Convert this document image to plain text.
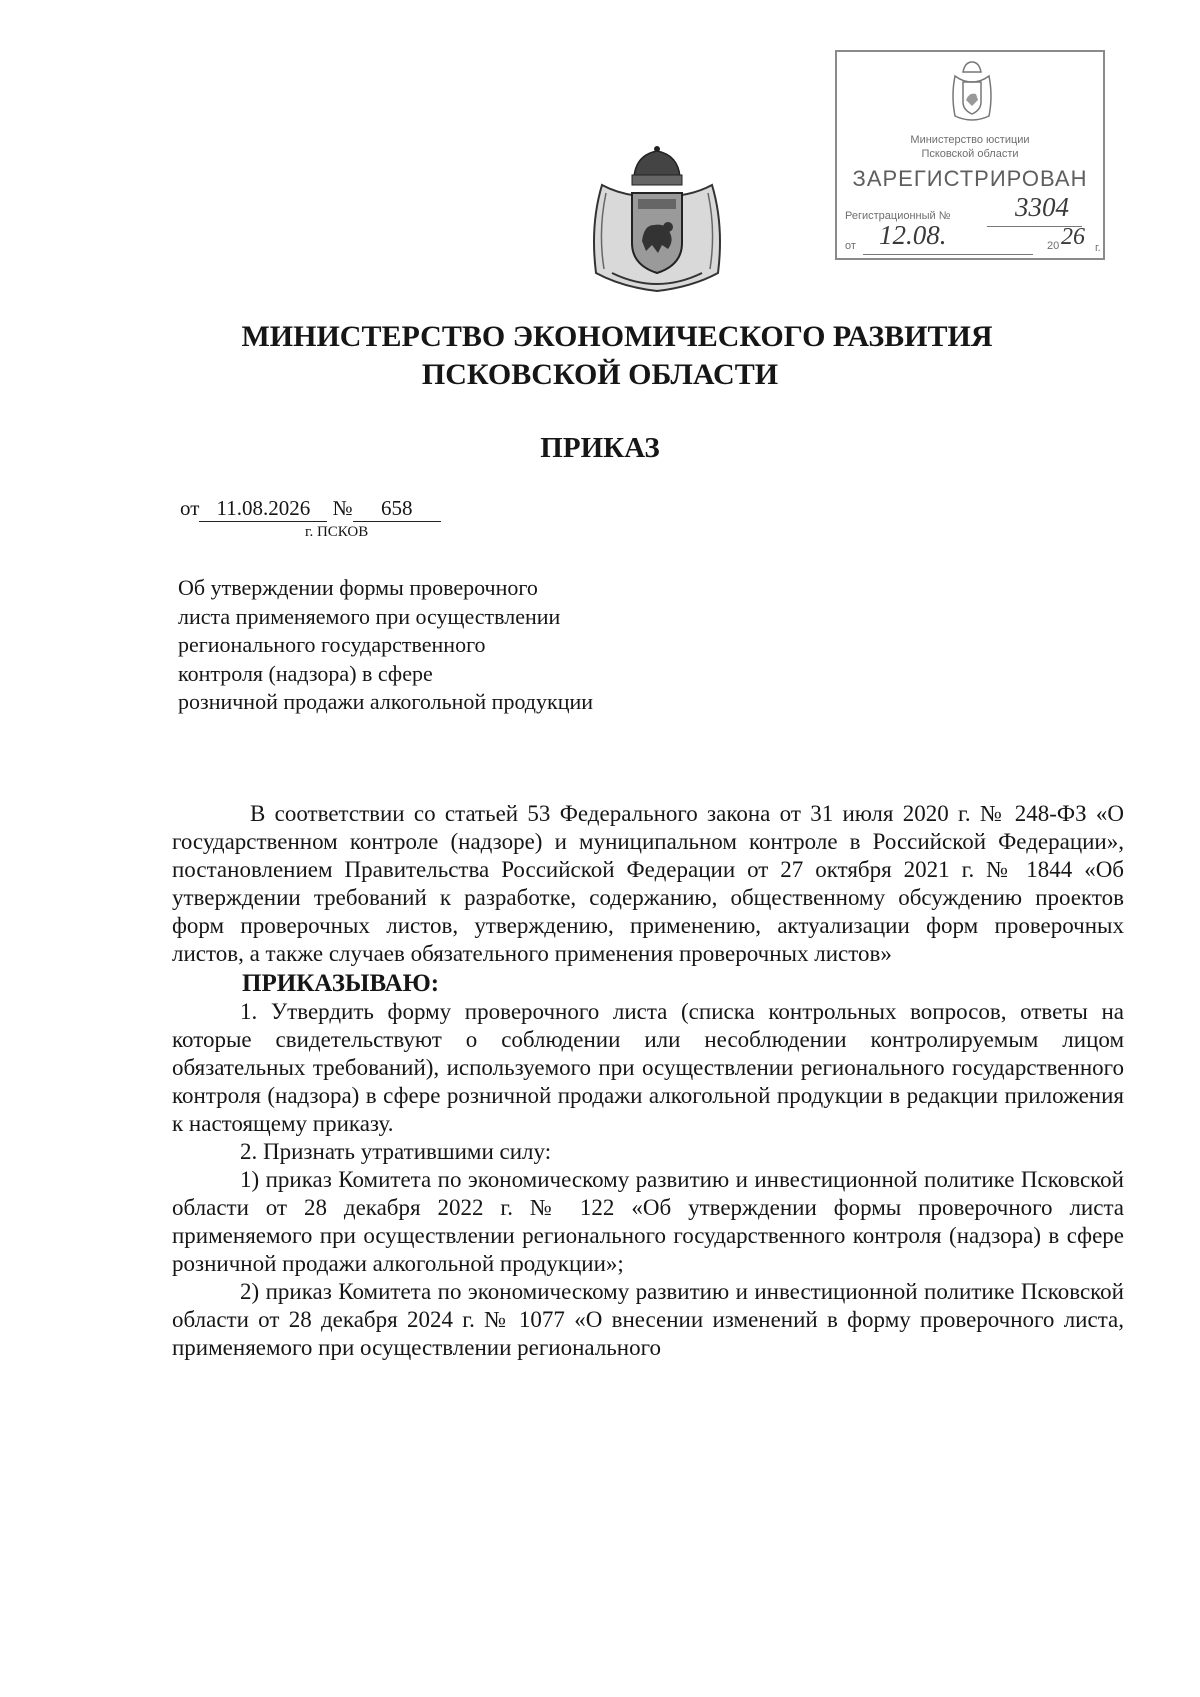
Министерство юстиции
Псковской области
ЗАРЕГИСТРИРОВАН
Регистрационный № 3304
от 12.08.	20 26 г.
МИНИСТЕРСТВО ЭКОНОМИЧЕСКОГО РАЗВИТИЯ
ПСКОВСКОЙ ОБЛАСТИ
ПРИКАЗ
от 11.08.2026 № 658
г. ПСКОВ
Об утверждении формы проверочного
листа применяемого при осуществлении
регионального государственного
контроля (надзора) в сфере
розничной продажи алкогольной продукции

В соответствии со статьей 53 Федерального закона от 31 июля 2020 г. № 248-ФЗ «О государственном контроле (надзоре) и муниципальном контроле в Российской Федерации», постановлением Правительства Российской Федерации от 27 октября 2021 г. № 1844 «Об утверждении требований к разработке, содержанию, общественному обсуждению проектов форм проверочных листов, утверждению, применению, актуализации форм проверочных листов, а также случаев обязательного применения проверочных листов»

ПРИКАЗЫВАЮ:

1. Утвердить форму проверочного листа (списка контрольных вопросов, ответы на которые свидетельствуют о соблюдении или несоблюдении контролируемым лицом обязательных требований), используемого при осуществлении регионального государственного контроля (надзора) в сфере розничной продажи алкогольной продукции в редакции приложения к настоящему приказу.

2. Признать утратившими силу:

1) приказ Комитета по экономическому развитию и инвестиционной политике Псковской области от 28 декабря 2022 г. № 122 «Об утверждении формы проверочного листа применяемого при осуществлении регионального государственного контроля (надзора) в сфере розничной продажи алкогольной продукции»;

2) приказ Комитета по экономическому развитию и инвестиционной политике Псковской области от 28 декабря 2024 г. № 1077 «О внесении изменений в форму проверочного листа, применяемого при осуществлении регионального
